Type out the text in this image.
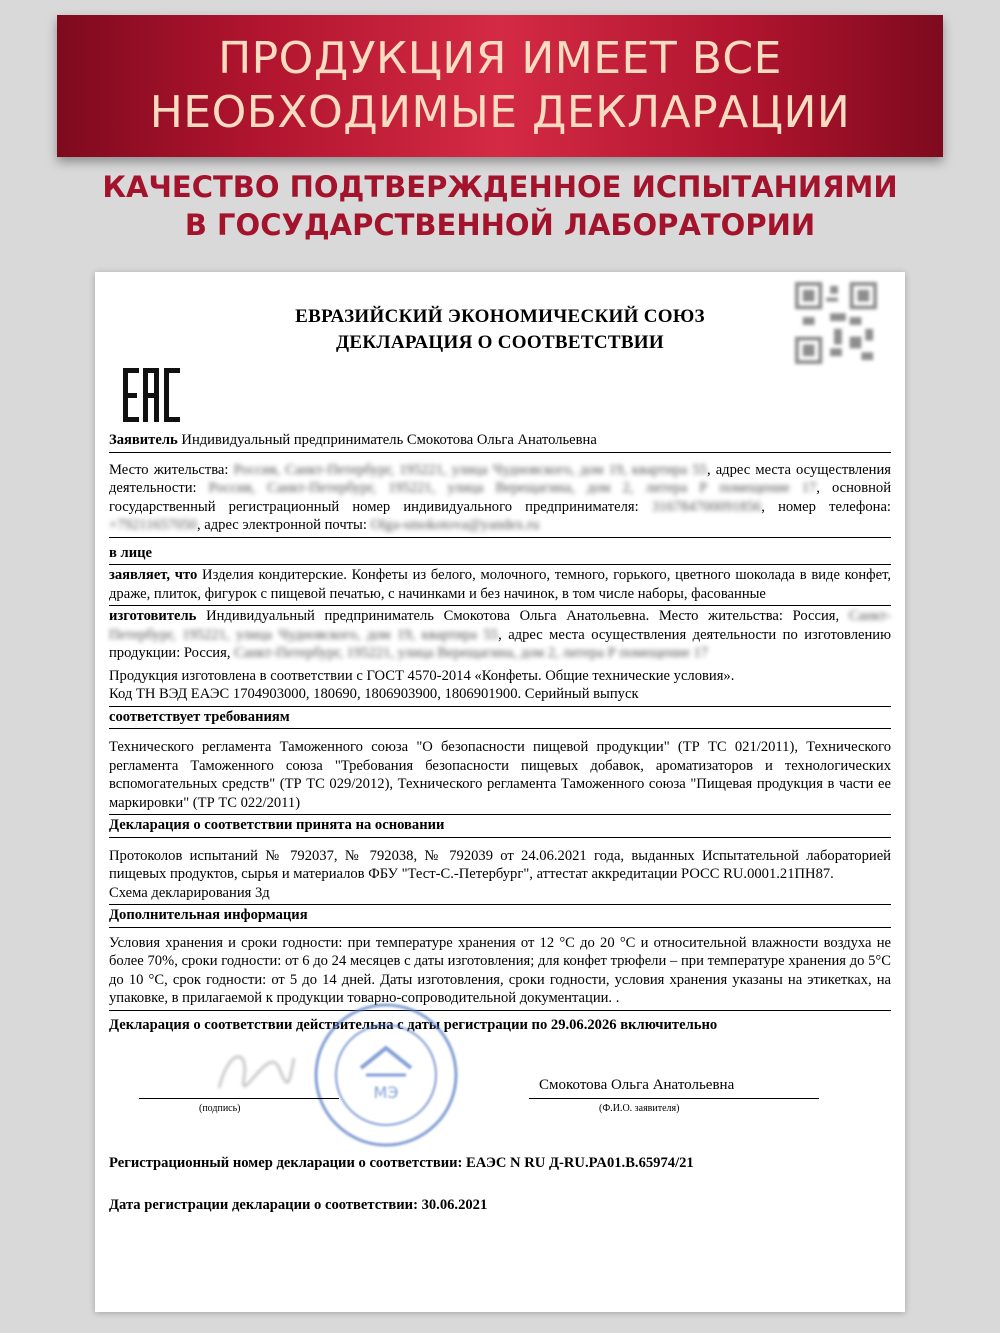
ПРОДУКЦИЯ ИМЕЕТ ВСЕ
НЕОБХОДИМЫЕ ДЕКЛАРАЦИИ
КАЧЕСТВО ПОДТВЕРЖДЕННОЕ ИСПЫТАНИЯМИ
В ГОСУДАРСТВЕННОЙ ЛАБОРАТОРИИ
ЕВРАЗИЙСКИЙ ЭКОНОМИЧЕСКИЙ СОЮЗ
ДЕКЛАРАЦИЯ О СООТВЕТСТВИИ
Заявитель Индивидуальный предприниматель Смокотова Ольга Анатольевна
Место жительства: Россия, Санкт-Петербург, 195221, улица Чудновского, дом 19, квартира 55, адрес места осуществления деятельности: Россия, Санкт-Петербург, 195221, улица Верещагина, дом 2, литера Р помещение 17, основной государственный регистрационный номер индивидуального предпринимателя: 316784700091856, номер телефона: +79211657050, адрес электронной почты: Olga-smokotova@yandex.ru
в лице
заявляет, что Изделия кондитерские. Конфеты из белого, молочного, темного, горького, цветного шоколада в виде конфет, драже, плиток, фигурок с пищевой печатью, с начинками и без начинок, в том числе наборы, фасованные
изготовитель Индивидуальный предприниматель Смокотова Ольга Анатольевна. Место жительства: Россия, Санкт-Петербург, 195221, улица Чудновского, дом 19, квартира 55, адрес места осуществления деятельности по изготовлению продукции: Россия, Санкт-Петербург, 195221, улица Верещагина, дом 2, литера Р помещение 17
Продукция изготовлена в соответствии с ГОСТ 4570-2014 «Конфеты. Общие технические условия».
Код ТН ВЭД ЕАЭС 1704903000, 180690, 1806903900, 1806901900. Серийный выпуск
соответствует требованиям
Технического регламента Таможенного союза "О безопасности пищевой продукции" (ТР ТС 021/2011), Технического регламента Таможенного союза "Требования безопасности пищевых добавок, ароматизаторов и технологических вспомогательных средств" (ТР ТС 029/2012), Технического регламента Таможенного союза "Пищевая продукция в части ее маркировки" (ТР ТС 022/2011)
Декларация о соответствии принята на основании
Протоколов испытаний № 792037, № 792038, № 792039 от 24.06.2021 года, выданных Испытательной лабораторией пищевых продуктов, сырья и материалов ФБУ "Тест-С.-Петербург", аттестат аккредитации РОСС RU.0001.21ПН87.
Схема декларирования 3д
Дополнительная информация
Условия хранения и сроки годности: при температуре хранения от 12 °С до 20 °С и относительной влажности воздуха не более 70%, сроки годности: от 6 до 24 месяцев с даты изготовления; для конфет трюфели – при температуре хранения до 5°С до 10 °С, срок годности: от 5 до 14 дней. Даты изготовления, сроки годности, условия хранения указаны на этикетках, на упаковке, в прилагаемой к продукции товарно-сопроводительной документации. .
Декларация о соответствии действительна с даты регистрации по 29.06.2026 включительно
МЭ	Смокотова Ольга Анатольевна
(подпись)	(Ф.И.О. заявителя)
Регистрационный номер декларации о соответствии: ЕАЭС N RU Д-RU.PA01.B.65974/21
Дата регистрации декларации о соответствии: 30.06.2021
